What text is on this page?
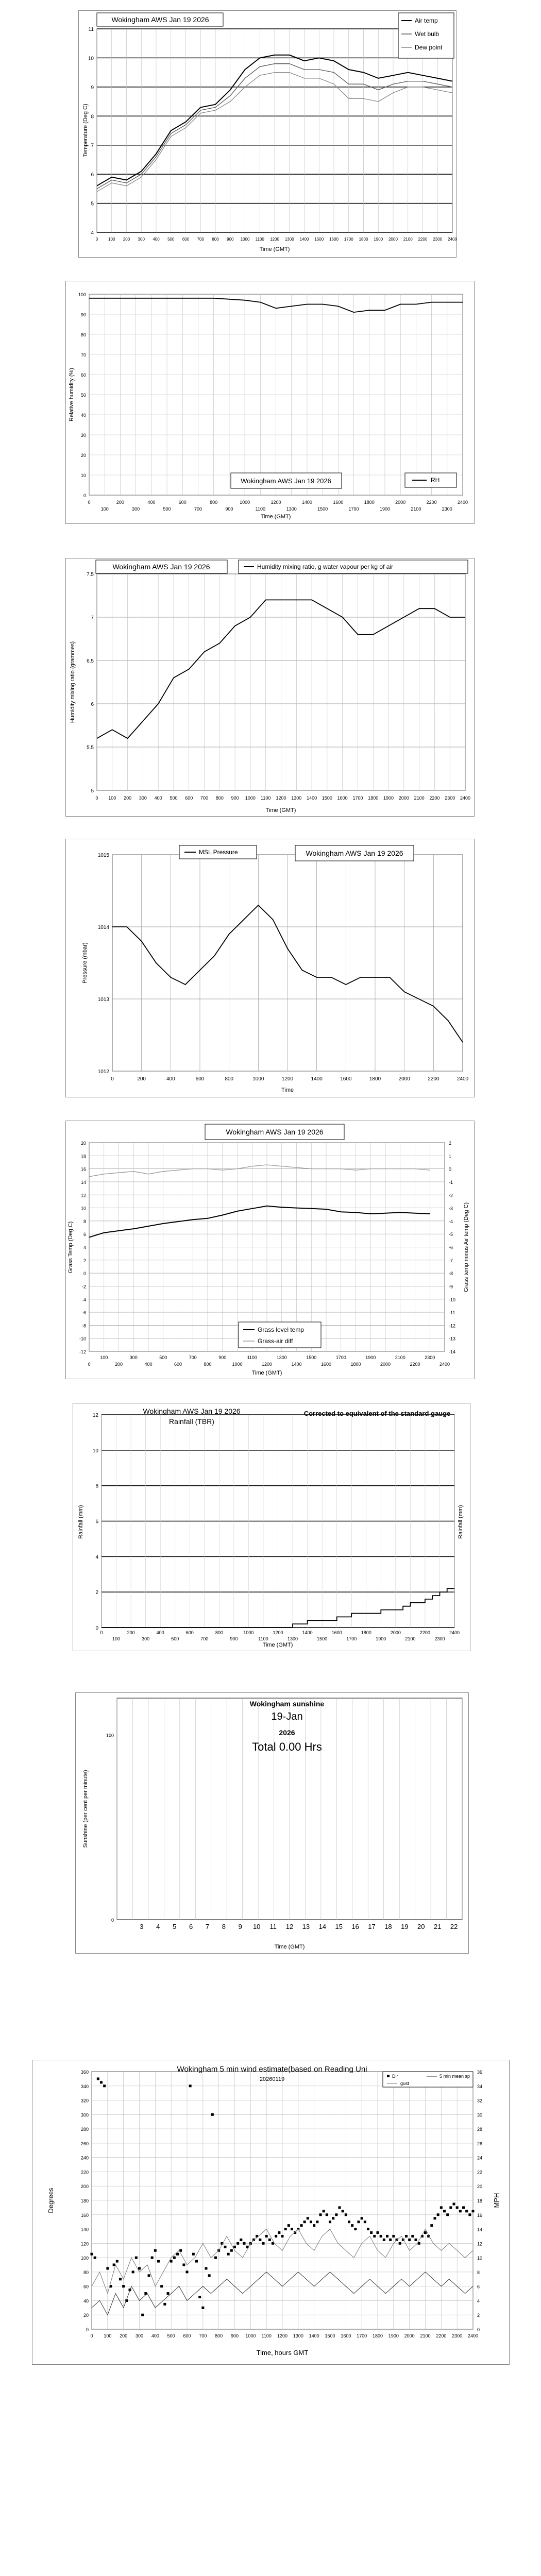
4
5
6
7
8
9
10
11
0 100 200 300 400 500 600 700 800 900 1000 1100 1200 1300 1400 1500 1600 1700 1800 1900 2000 2100 2200 2300 2400
Wokingham AWS Jan 19 2026
Time (GMT)
Temperature (Deg C)
Air temp
Wet bulb
Dew point
0
10
20
30
40
50
60
70
80
90
100
0	200	400	600	800	1000	1200	1400	1600	1800	2000	2200	2400
100	300	500	700	900	1100	1300	1500	1700	1900	2100	2300
Wokingham AWS Jan 19 2026	RH
Time (GMT)
Relative humidity (%)
5
5.5
6
6.5
7
7.5
0 100 200 300 400 500 600 700 800 900 1000 1100 1200 1300 1400 1500 1600 1700 1800 1900 2000 2100 2200 2300 2400
Wokingham AWS Jan 19 2026	Humidity mixing ratio, g water vapour per kg of air
Time (GMT)
Humidity mixing ratio (grammes)
1012
1013
1014
1015
0	200	400	600	800	1000	1200	1400	1600	1800	2000	2200	2400
MSL Pressure	Wokingham AWS Jan 19 2026
Time
Pressure (mbar)
-12
-10
-8
-6
-4
-2
0
2
4
6
8
10
12
14
16
18
20
-14
-13
-12
-11
-10
-9
-8
-7
-6
-5
-4
-3
-2
-1
0
1
2
100	300	500	700	900	1100	1300	1500	1700	1900	2100	2300
0	200	400	600	800	1000	1200	1400	1600	1800	2000	2200	2400
Wokingham AWS Jan 19 2026
Grass level temp
Grass-air diff
Time (GMT)
Grass Temp (Deg C)	Grass temp minus Air temp (Deg C)
0
2
4
6
8
10
12
0	200	400	600	800	1000	1200	1400	1600	1800	2000	2200	2400
100	300	500	700	900	1100	1300	1500	1700	1900	2100	2300
Wokingham AWS Jan 19 2026
Rainfall (TBR)
Corrected to equivalent of the standard gauge
Time (GMT)
Rainfall (mm)	Rainfall (mm)
0
100
3 4 5 6 7 8 9 10 11 12 13 14 15 16 17 18 19 20 21 22
Wokingham sunshine
19-Jan
2026
Total 0.00 Hrs
Time (GMT)
Sunshine (per cent per minute)
0
20
40
60
80
100
120
140
160
180
200
220
240
260
280
300
320
340
360
0
2
4
6
8
10
12
14
16
18
20
22
24
26
28
30
32
34
36
0 100 200 300 400 500 600 700 800 900 1000 1100 1200 1300 1400 1500 1600 1700 1800 1900 2000 2100 2200 2300 2400
Wokingham 5 min wind estimate(based on Reading Uni
20260119	Dir	5 min mean sp
gust
Time, hours GMT
Degrees	MPH
